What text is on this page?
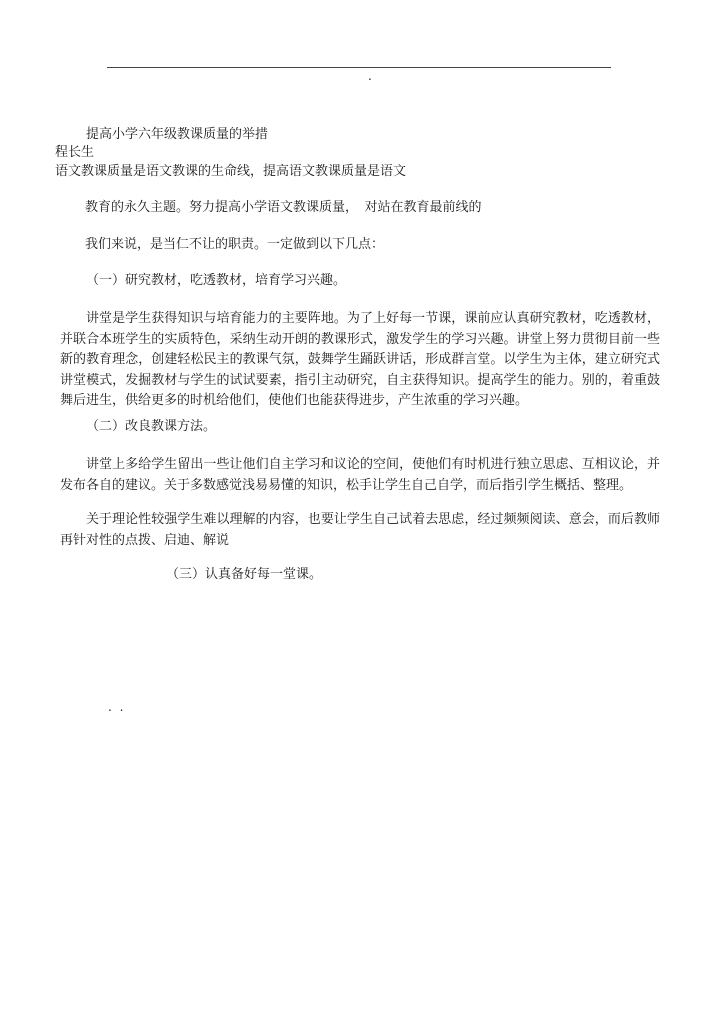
.
提高小学六年级教课质量的举措
程长生
语文教课质量是语文教课的生命线，提高语文教课质量是语文
教育的永久主题。努力提高小学语文教课质量，　对站在教育最前线的
我们来说，是当仁不让的职责。一定做到以下几点：
（一）研究教材，吃透教材，培育学习兴趣。
讲堂是学生获得知识与培育能力的主要阵地。为了上好每一节课，课前应认真研究教材，吃透教材，并联合本班学生的实质特色，采纳生动开朗的教课形式，激发学生的学习兴趣。讲堂上努力贯彻目前一些新的教育理念，创建轻松民主的教课气氛，鼓舞学生踊跃讲话，形成群言堂。以学生为主体，建立研究式讲堂模式，发掘教材与学生的试试要素，指引主动研究，自主获得知识。提高学生的能力。别的，着重鼓舞后进生，供给更多的时机给他们，使他们也能获得进步，产生浓重的学习兴趣。
（二）改良教课方法。
讲堂上多给学生留出一些让他们自主学习和议论的空间，使他们有时机进行独立思虑、互相议论，并发布各自的建议。关于多数感觉浅易易懂的知识，松手让学生自己自学，而后指引学生概括、整理。
关于理论性较强学生难以理解的内容，也要让学生自己试着去思虑，经过频频阅读、意会，而后教师再针对性的点拨、启迪、解说
（三）认真备好每一堂课。
. .
